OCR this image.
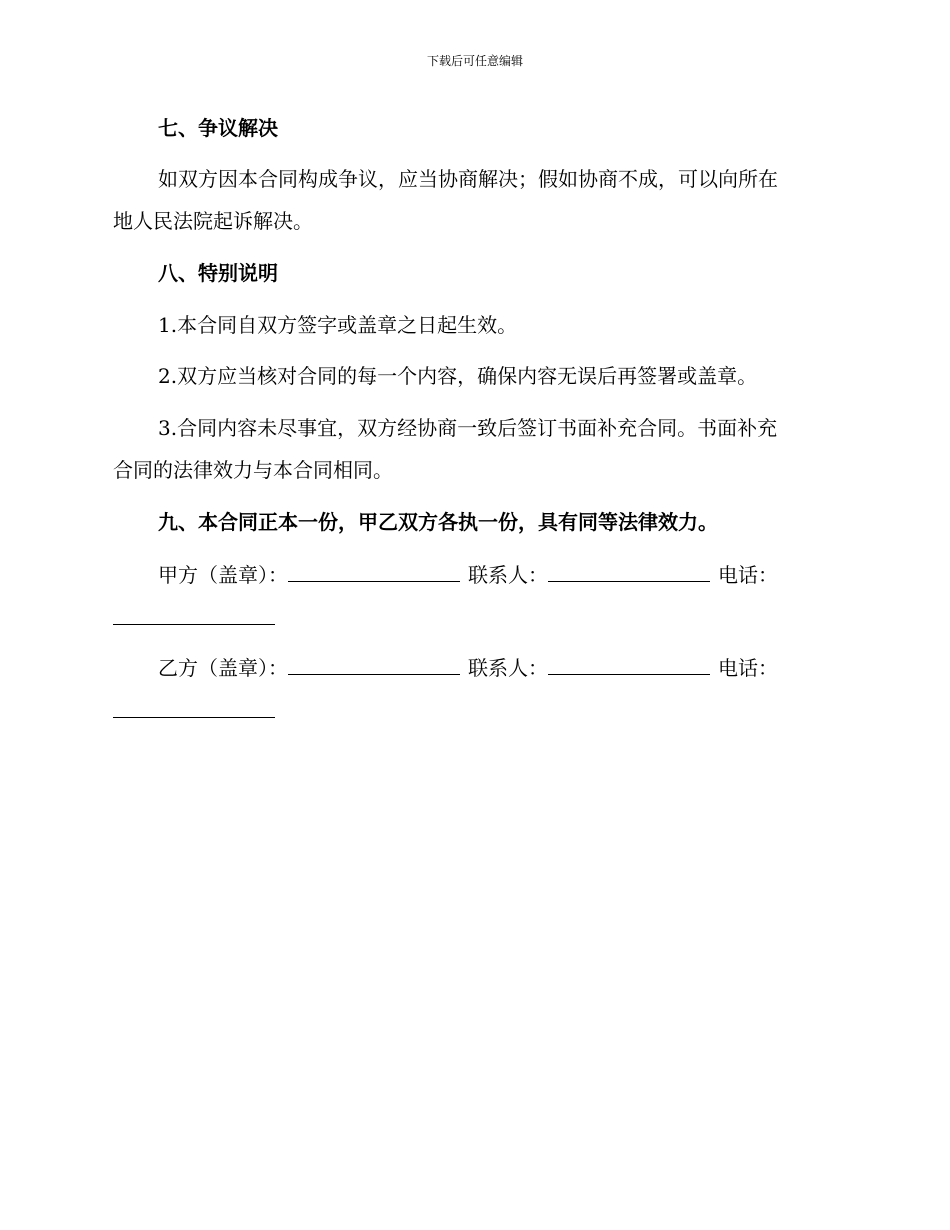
下载后可任意编辑
七、争议解决
如双方因本合同构成争议，应当协商解决；假如协商不成，可以向所在
地人民法院起诉解决。
八、特别说明
1.本合同自双方签字或盖章之日起生效。
2.双方应当核对合同的每一个内容，确保内容无误后再签署或盖章。
3.合同内容未尽事宜，双方经协商一致后签订书面补充合同。书面补充
合同的法律效力与本合同相同。
九、本合同正本一份，甲乙双方各执一份，具有同等法律效力。
甲方（盖章）：	联系人：	电话：
乙方（盖章）：	联系人：	电话：
